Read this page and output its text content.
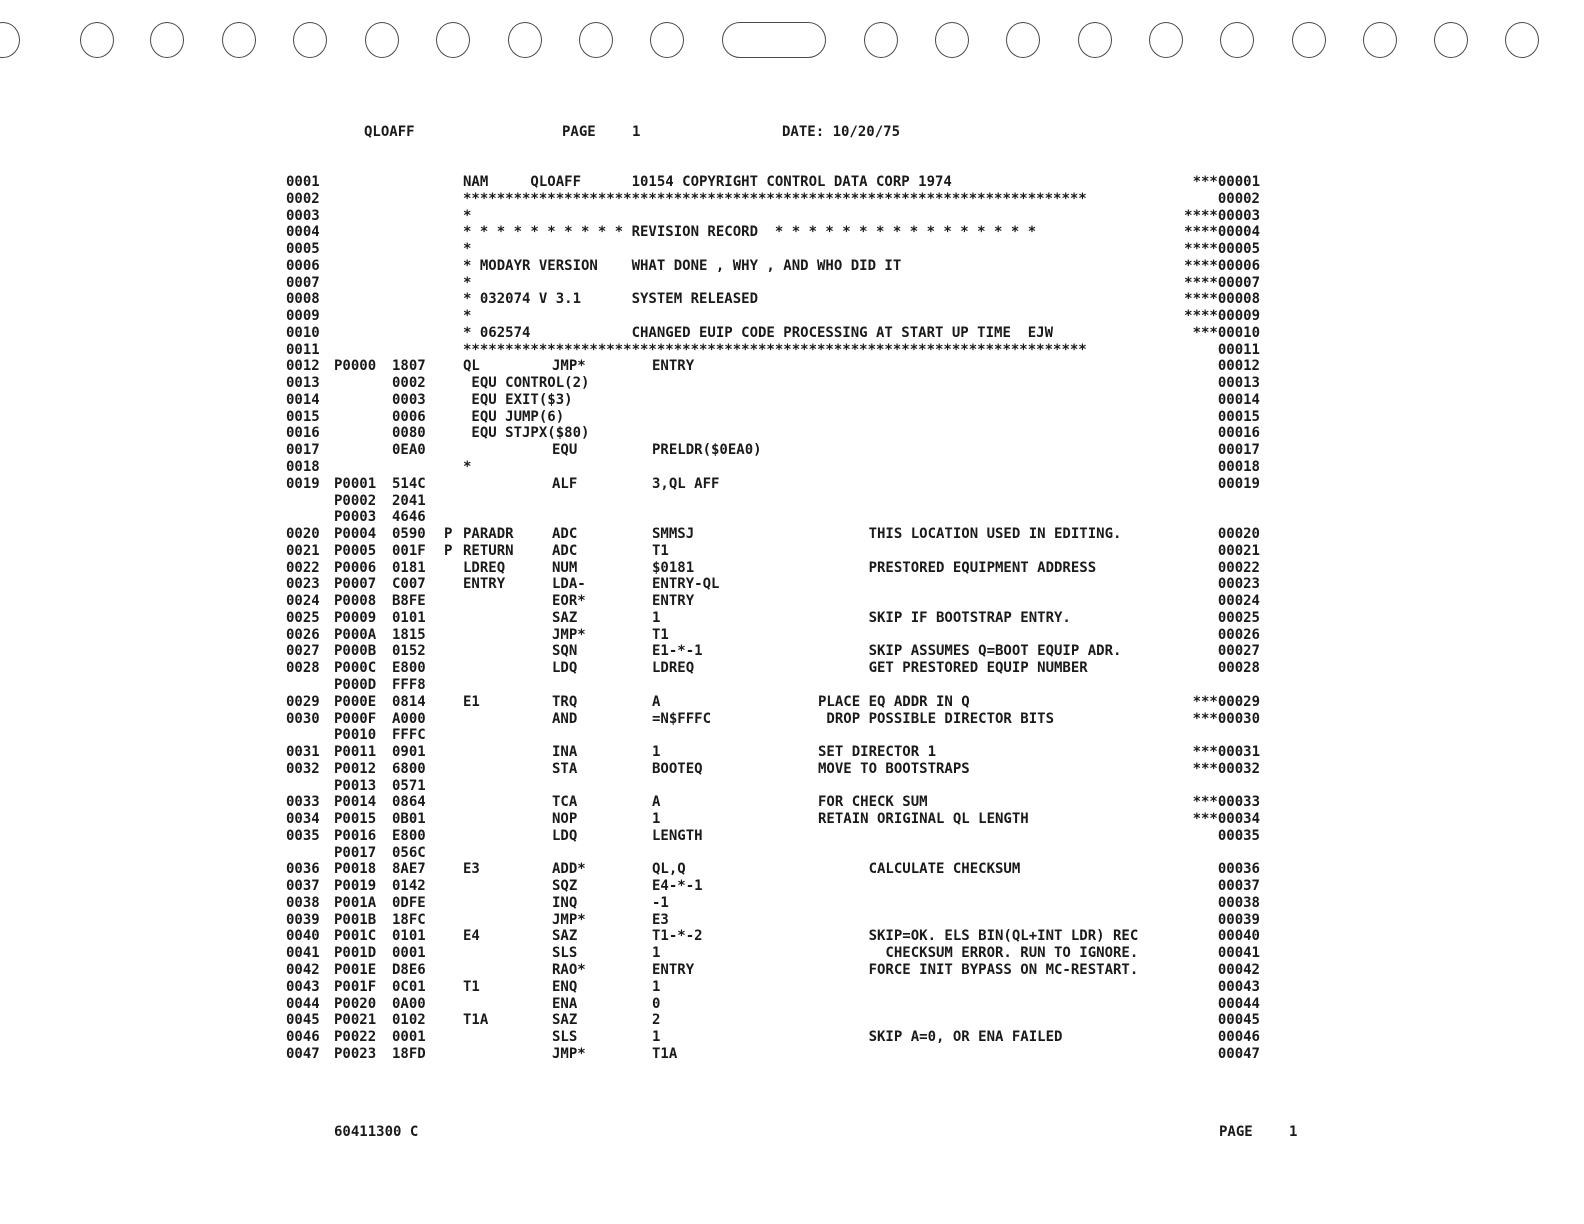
QLOAFF	PAGE	1	DATE: 10/20/75
0001	NAM     QLOAFF      10154 COPYRIGHT CONTROL DATA CORP 1974	***00001
0002	**************************************************************************	00002
0003	*	****00003
0004	* * * * * * * * * * REVISION RECORD  * * * * * * * * * * * * * * * *	****00004
0005	*	****00005
0006	* MODAYR VERSION    WHAT DONE , WHY , AND WHO DID IT	****00006
0007	*	****00007
0008	* 032074 V 3.1      SYSTEM RELEASED	****00008
0009	*	****00009
0010	* 062574            CHANGED EUIP CODE PROCESSING AT START UP TIME  EJW	***00010
0011	**************************************************************************	00011
0012 P0000 1807	QL	JMP*	ENTRY	00012
0013	0002	EQU CONTROL(2)	00013
0014	0003	EQU EXIT($3)	00014
0015	0006	EQU JUMP(6)	00015
0016	0080	EQU STJPX($80)	00016
0017	0EA0	EQU	PRELDR($0EA0)	00017
0018	*	00018
0019 P0001 514C	ALF	3,QL AFF	00019
P0002 2041
P0003 4646
0020 P0004 0590 P PARADR	ADC	SMMSJ	THIS LOCATION USED IN EDITING.	00020
0021 P0005 001F P RETURN	ADC	T1	00021
0022 P0006 0181	LDREQ	NUM	$0181	PRESTORED EQUIPMENT ADDRESS	00022
0023 P0007 C007	ENTRY	LDA-	ENTRY-QL	00023
0024 P0008 B8FE	EOR*	ENTRY	00024
0025 P0009 0101	SAZ	1	SKIP IF BOOTSTRAP ENTRY.	00025
0026 P000A 1815	JMP*	T1	00026
0027 P000B 0152	SQN	E1-*-1	SKIP ASSUMES Q=BOOT EQUIP ADR.	00027
0028 P000C E800	LDQ	LDREQ	GET PRESTORED EQUIP NUMBER	00028
P000D FFF8
0029 P000E 0814	E1	TRQ	A	PLACE EQ ADDR IN Q	***00029
0030 P000F A000	AND	=N$FFFC	DROP POSSIBLE DIRECTOR BITS	***00030
P0010 FFFC
0031 P0011 0901	INA	1	SET DIRECTOR 1	***00031
0032 P0012 6800	STA	BOOTEQ	MOVE TO BOOTSTRAPS	***00032
P0013 0571
0033 P0014 0864	TCA	A	FOR CHECK SUM	***00033
0034 P0015 0B01	NOP	1	RETAIN ORIGINAL QL LENGTH	***00034
0035 P0016 E800	LDQ	LENGTH	00035
P0017 056C
0036 P0018 8AE7	E3	ADD*	QL,Q	CALCULATE CHECKSUM	00036
0037 P0019 0142	SQZ	E4-*-1	00037
0038 P001A 0DFE	INQ	-1	00038
0039 P001B 18FC	JMP*	E3	00039
0040 P001C 0101	E4	SAZ	T1-*-2	SKIP=OK. ELS BIN(QL+INT LDR) REC	00040
0041 P001D 0001	SLS	1	CHECKSUM ERROR. RUN TO IGNORE.	00041
0042 P001E D8E6	RAO*	ENTRY	FORCE INIT BYPASS ON MC-RESTART.	00042
0043 P001F 0C01	T1	ENQ	1	00043
0044 P0020 0A00	ENA	0	00044
0045 P0021 0102	T1A	SAZ	2	00045
0046 P0022 0001	SLS	1	SKIP A=0, OR ENA FAILED	00046
0047 P0023 18FD	JMP*	T1A	00047
60411300 C	PAGE	1
